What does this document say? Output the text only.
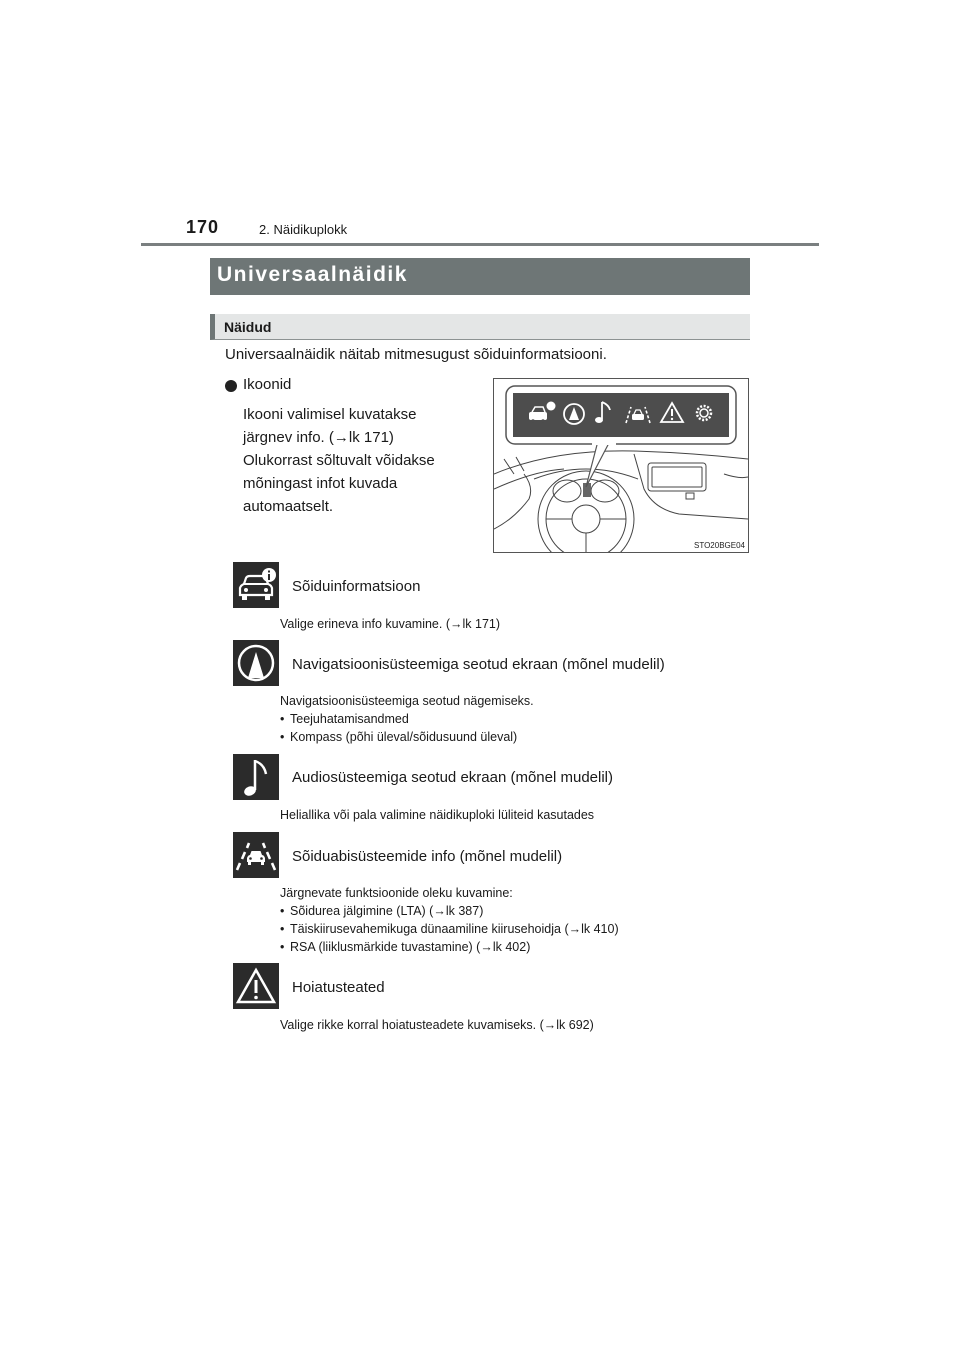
170	2. Näidikuplokk
Universaalnäidik
Näidud
Universaalnäidik näitab mitmesugust sõiduinformatsiooni.
Ikoonid

Ikooni valimisel kuvatakse

järgnev info. (→lk 171)

Olukorrast sõltuvalt võidakse

mõningast infot kuvada

automaatselt.

STO20BGE04
Sõiduinformatsioon
Valige erineva info kuvamine. (→lk 171)
Navigatsioonisüsteemiga seotud ekraan (mõnel mudelil)
Navigatsioonisüsteemiga seotud nägemiseks.
• Teejuhatamisandmed
• Kompass (põhi üleval/sõidusuund üleval)
Audiosüsteemiga seotud ekraan (mõnel mudelil)
Heliallika või pala valimine näidikuploki lüliteid kasutades
Sõiduabisüsteemide info (mõnel mudelil)
Järgnevate funktsioonide oleku kuvamine:
• Sõidurea jälgimine (LTA) (→lk 387)
• Täiskiirusevahemikuga dünaamiline kiirusehoidja (→lk 410)
• RSA (liiklusmärkide tuvastamine) (→lk 402)
Hoiatusteated
Valige rikke korral hoiatusteadete kuvamiseks. (→lk 692)
